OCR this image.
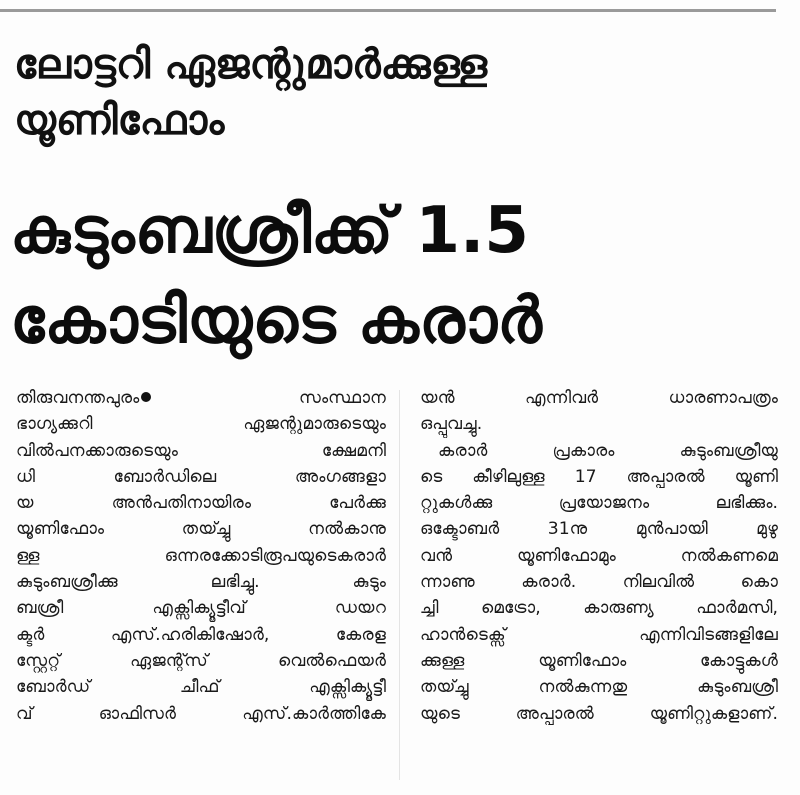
ലോട്ടറി ഏജന്റുമാർക്കുള്ള
യൂണിഫോം
കുടുംബശ്രീക്ക് 1.5
കോടിയുടെ കരാർ
തിരുവനന്തപുരം	സംസ്ഥാന
ഭാഗ്യക്കുറി ഏജന്റുമാരുടെയും
വിൽപനക്കാരുടെയും ക്ഷേമനി
ധി ബോർഡിലെ അംഗങ്ങളാ
യ അൻപതിനായിരം പേർക്കു
യൂണിഫോം തയ്ച്ചു നൽകാനു
ള്ള ഒന്നരക്കോടിരൂപയുടെകരാർ
കുടുംബശ്രീക്കു ലഭിച്ചു. കുടും
ബശ്രീ എക്സിക്യൂട്ടീവ് ഡയറ
ക്ടർ എസ്.ഹരികിഷോർ, കേരള
സ്റ്റേറ്റ് ഏജന്റ്സ് വെൽഫെയർ
ബോർഡ് ചീഫ് എക്സിക്യൂട്ടീ
വ് ഓഫിസർ എസ്.കാർത്തികേ
യൻ എന്നിവർ ധാരണാപത്രം
ഒപ്പുവച്ചു.
കരാർ പ്രകാരം കുടുംബശ്രീയു
ടെ കീഴിലുള്ള 17 അപ്പാരൽ യൂണി
റ്റുകൾക്കു പ്രയോജനം ലഭിക്കും.
ഒക്ടോബർ 31നു മുൻപായി മുഴു
വൻ യൂണിഫോമും നൽകണമെ
ന്നാണു കരാർ. നിലവിൽ കൊ
ച്ചി മെട്രോ, കാരുണ്യ ഫാർമസി,
ഹാൻടെക്സ് എന്നിവിടങ്ങളിലേ
ക്കുള്ള യൂണിഫോം കോട്ടുകൾ
തയ്ച്ചു നൽകുന്നതു കുടുംബശ്രീ
യുടെ അപ്പാരൽ യൂണിറ്റുകളാണ്.
